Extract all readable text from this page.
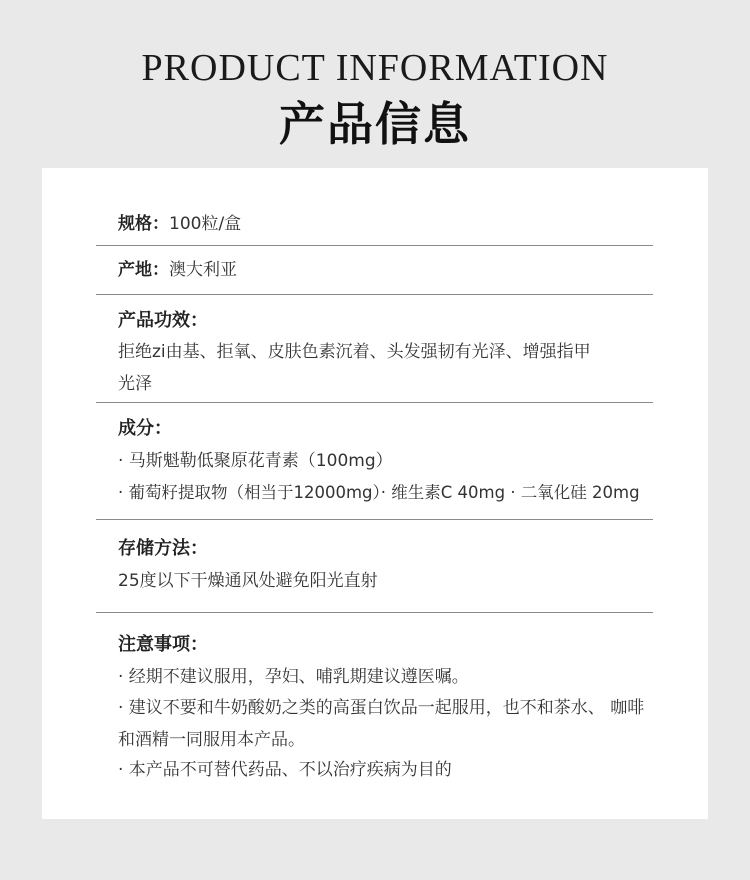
PRODUCT INFORMATION
产品信息
规格：100粒/盒
产地：澳大利亚
产品功效：
拒绝zi由基、拒氧、皮肤色素沉着、头发强韧有光泽、增强指甲
光泽
成分：
· 马斯魁勒低聚原花青素（100mg）
· 葡萄籽提取物（相当于12000mg）· 维生素C 40mg · 二氧化硅 20mg
存储方法：
25度以下干燥通风处避免阳光直射
注意事项：
· 经期不建议服用，孕妇、哺乳期建议遵医嘱。
· 建议不要和牛奶酸奶之类的高蛋白饮品一起服用，也不和茶水、 咖啡
和酒精一同服用本产品。
· 本产品不可替代药品、不以治疗疾病为目的
